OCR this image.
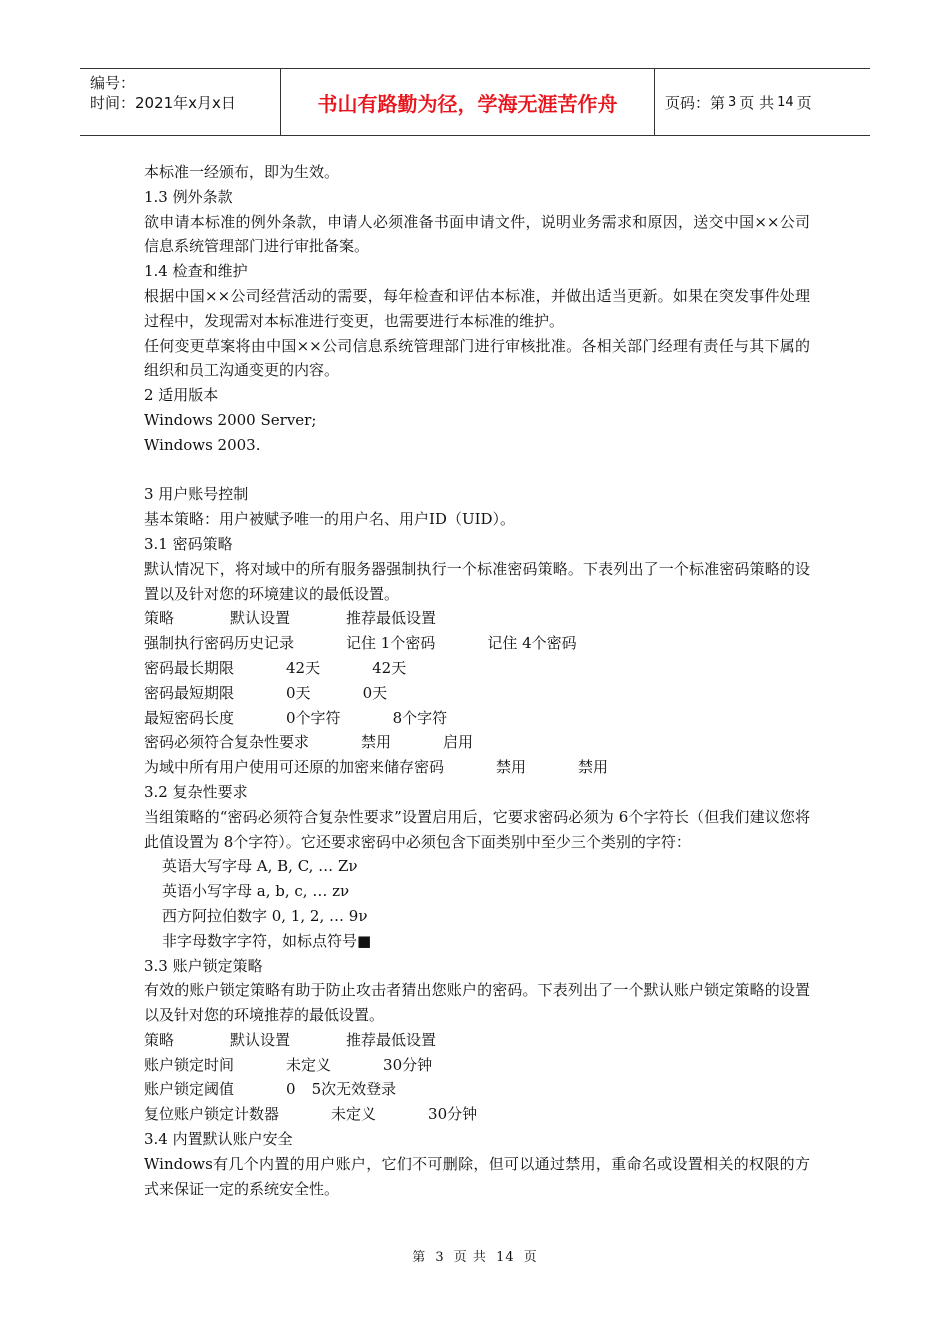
编号：
时间：2021年x月x日	书山有路勤为径，学海无涯苦作舟	页码：第 3 页 共 14 页
本标准一经颁布，即为生效。
1.3 例外条款
欲申请本标准的例外条款，申请人必须准备书面申请文件，说明业务需求和原因，送交中国××公司信息系统管理部门进行审批备案。
1.4 检查和维护
根据中国××公司经营活动的需要，每年检查和评估本标准，并做出适当更新。如果在突发事件处理过程中，发现需对本标准进行变更，也需要进行本标准的维护。
任何变更草案将由中国××公司信息系统管理部门进行审核批准。各相关部门经理有责任与其下属的组织和员工沟通变更的内容。
2 适用版本
Windows 2000 Server;
Windows 2003.
3 用户账号控制
基本策略：用户被赋予唯一的用户名、用户ID（UID）。
3.1 密码策略
默认情况下，将对域中的所有服务器强制执行一个标准密码策略。下表列出了一个标准密码策略的设置以及针对您的环境建议的最低设置。
策略	默认设置	推荐最低设置
强制执行密码历史记录	记住 1个密码	记住 4个密码
密码最长期限	42天	42天
密码最短期限	0天	0天
最短密码长度	0个字符	8个字符
密码必须符合复杂性要求	禁用	启用
为域中所有用户使用可还原的加密来储存密码	禁用	禁用
3.2 复杂性要求
当组策略的“密码必须符合复杂性要求”设置启用后，它要求密码必须为 6个字符长（但我们建议您将此值设置为 8个字符）。它还要求密码中必须包含下面类别中至少三个类别的字符：
英语大写字母 A, B, C, … Zν
英语小写字母 a, b, c, … zν
西方阿拉伯数字 0, 1, 2, … 9ν
非字母数字字符，如标点符号■
3.3 账户锁定策略
有效的账户锁定策略有助于防止攻击者猜出您账户的密码。下表列出了一个默认账户锁定策略的设置以及针对您的环境推荐的最低设置。
策略	默认设置	推荐最低设置
账户锁定时间	未定义	30分钟
账户锁定阈值	0 5次无效登录
复位账户锁定计数器	未定义	30分钟
3.4 内置默认账户安全
Windows有几个内置的用户账户，它们不可删除，但可以通过禁用，重命名或设置相关的权限的方式来保证一定的系统安全性。
第 3 页 共 14 页
